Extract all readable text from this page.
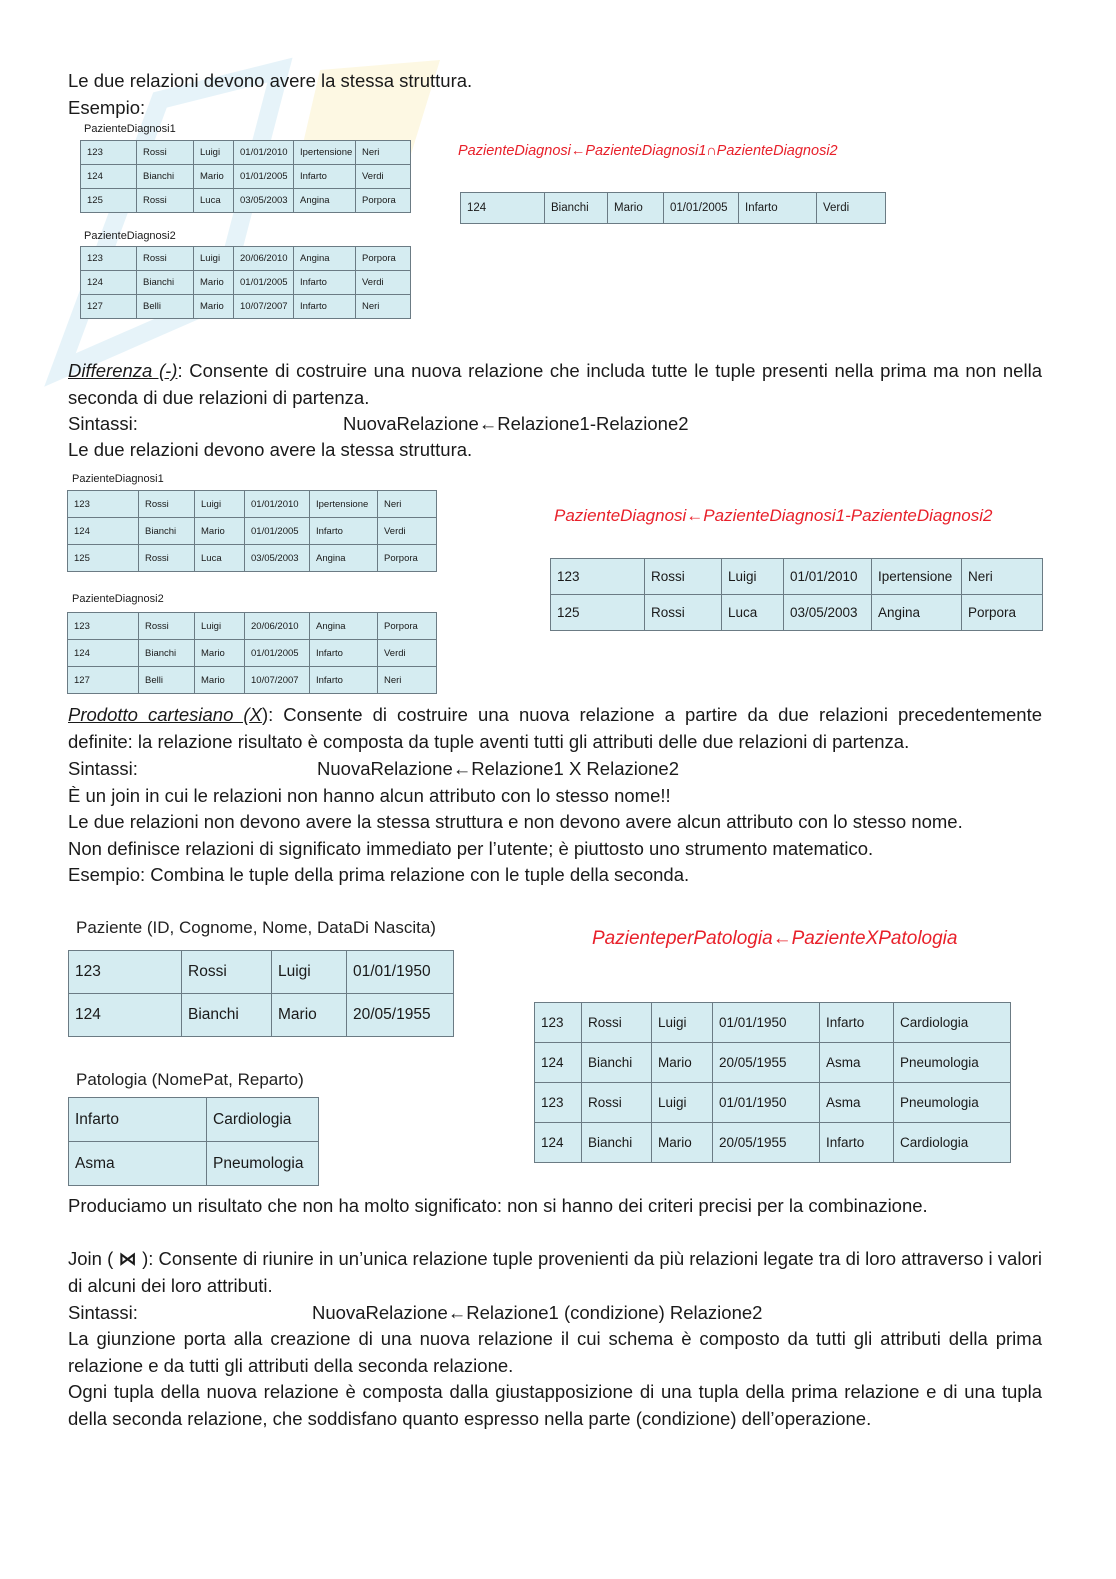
Le due relazioni devono avere la stessa struttura.
Esempio:
PazienteDiagnosi1
123	Rossi	Luigi	01/01/2010	Ipertensione	Neri
124	Bianchi	Mario	01/01/2005	Infarto	Verdi
125	Rossi	Luca	03/05/2003	Angina	Porpora
PazienteDiagnosi2
123	Rossi	Luigi	20/06/2010	Angina	Porpora
124	Bianchi	Mario	01/01/2005	Infarto	Verdi
127	Belli	Mario	10/07/2007	Infarto	Neri
PazienteDiagnosi←PazienteDiagnosi1∩PazienteDiagnosi2
124	Bianchi	Mario	01/01/2005	Infarto	Verdi
Differenza (-): Consente di costruire una nuova relazione che includa tutte le tuple presenti nella prima ma non nella seconda di due relazioni di partenza.
Sintassi:	NuovaRelazione←Relazione1-Relazione2
Le due relazioni devono avere la stessa struttura.
PazienteDiagnosi1
123	Rossi	Luigi	01/01/2010	Ipertensione	Neri
124	Bianchi	Mario	01/01/2005	Infarto	Verdi
125	Rossi	Luca	03/05/2003	Angina	Porpora
PazienteDiagnosi2
123	Rossi	Luigi	20/06/2010	Angina	Porpora
124	Bianchi	Mario	01/01/2005	Infarto	Verdi
127	Belli	Mario	10/07/2007	Infarto	Neri
PazienteDiagnosi←PazienteDiagnosi1-PazienteDiagnosi2
123	Rossi	Luigi	01/01/2010	Ipertensione	Neri
125	Rossi	Luca	03/05/2003	Angina	Porpora
Prodotto cartesiano (X): Consente di costruire una nuova relazione a partire da due relazioni precedentemente definite: la relazione risultato è composta da tuple aventi tutti gli attributi delle due relazioni di partenza.
Sintassi:	NuovaRelazione←Relazione1 X Relazione2
È un join in cui le relazioni non hanno alcun attributo con lo stesso nome!!
Le due relazioni non devono avere la stessa struttura e non devono avere alcun attributo con lo stesso nome.
Non definisce relazioni di significato immediato per l’utente; è piuttosto uno strumento matematico.
Esempio: Combina le tuple della prima relazione con le tuple della seconda.
Paziente (ID, Cognome, Nome, DataDi Nascita)
123	Rossi	Luigi	01/01/1950
124	Bianchi	Mario	20/05/1955
Patologia (NomePat, Reparto)
Infarto	Cardiologia
Asma	Pneumologia
PazienteperPatologia←PazienteXPatologia
123	Rossi	Luigi	01/01/1950	Infarto	Cardiologia
124	Bianchi	Mario	20/05/1955	Asma	Pneumologia
123	Rossi	Luigi	01/01/1950	Asma	Pneumologia
124	Bianchi	Mario	20/05/1955	Infarto	Cardiologia
Produciamo un risultato che non ha molto significato: non si hanno dei criteri precisi per la combinazione.
Join ( ⋈ ): Consente di riunire in un’unica relazione tuple provenienti da più relazioni legate tra di loro attraverso i valori di alcuni dei loro attributi.
Sintassi:	NuovaRelazione←Relazione1 (condizione) Relazione2
La giunzione porta alla creazione di una nuova relazione il cui schema è composto da tutti gli attributi della prima relazione e da tutti gli attributi della seconda relazione.
Ogni tupla della nuova relazione è composta dalla giustapposizione di una tupla della prima relazione e di una tupla della seconda relazione, che soddisfano quanto espresso nella parte (condizione) dell’operazione.
